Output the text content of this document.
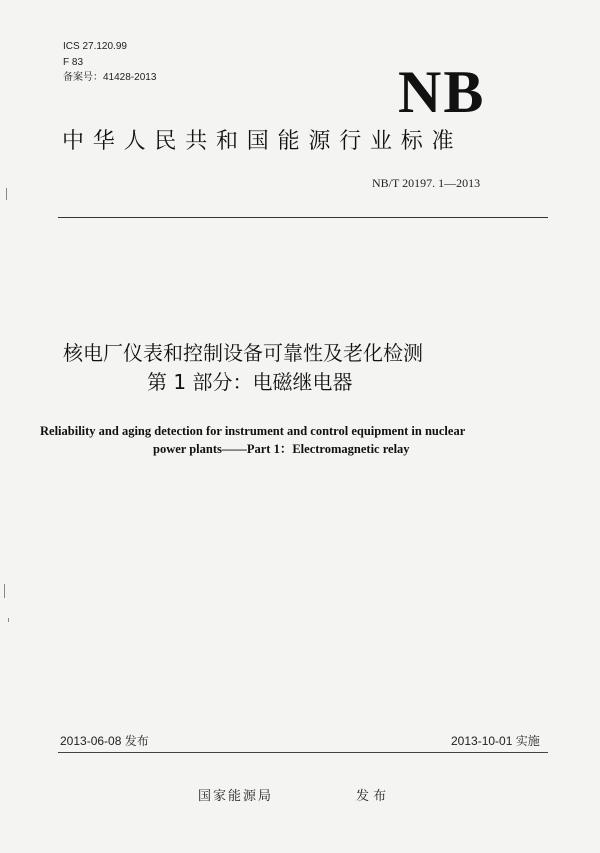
ICS 27.120.99
F 83
备案号：41428-2013	NB
中华人民共和国能源行业标准
NB/T 20197. 1—2013
核电厂仪表和控制设备可靠性及老化检测
第 1 部分：电磁继电器
Reliability and aging detection for instrument and control equipment in nuclear
power plants——Part 1：Electromagnetic relay
2013-06-08 发布	2013-10-01 实施
国家能源局	发 布
